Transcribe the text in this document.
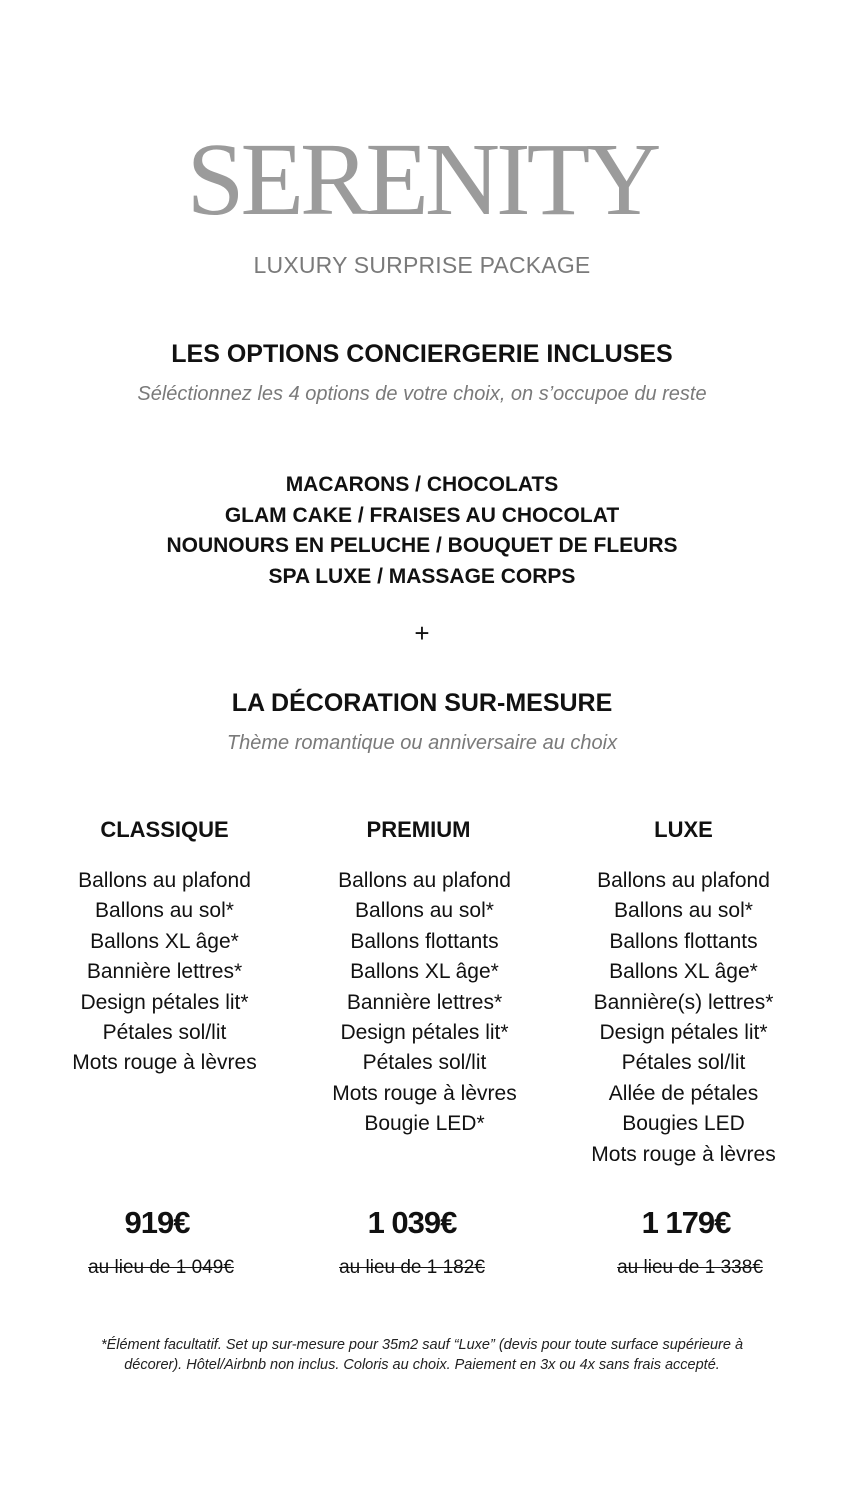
SERENITY
LUXURY SURPRISE PACKAGE
LES OPTIONS CONCIERGERIE INCLUSES
Séléctionnez les 4 options de votre choix, on s’occupoe du reste
MACARONS / CHOCOLATS
GLAM CAKE / FRAISES AU CHOCOLAT
NOUNOURS EN PELUCHE / BOUQUET DE FLEURS
SPA LUXE / MASSAGE CORPS
+
LA DÉCORATION SUR-MESURE
Thème romantique ou anniversaire au choix
CLASSIQUE
Ballons au plafond
Ballons au sol*
Ballons XL âge*
Bannière lettres*
Design pétales lit*
Pétales sol/lit
Mots rouge à lèvres
PREMIUM
Ballons au plafond
Ballons au sol*
Ballons flottants
Ballons XL âge*
Bannière lettres*
Design pétales lit*
Pétales sol/lit
Mots rouge à lèvres
Bougie LED*
LUXE
Ballons au plafond
Ballons au sol*
Ballons flottants
Ballons XL âge*
Bannière(s) lettres*
Design pétales lit*
Pétales sol/lit
Allée de pétales
Bougies LED
Mots rouge à lèvres
919€
au lieu de 1 049€
1 039€
au lieu de 1 182€
1 179€
au lieu de 1 338€
*Élément facultatif. Set up sur-mesure pour 35m2 sauf “Luxe” (devis pour toute surface supérieure à décorer). Hôtel/Airbnb non inclus. Coloris au choix. Paiement en 3x ou 4x sans frais accepté.
